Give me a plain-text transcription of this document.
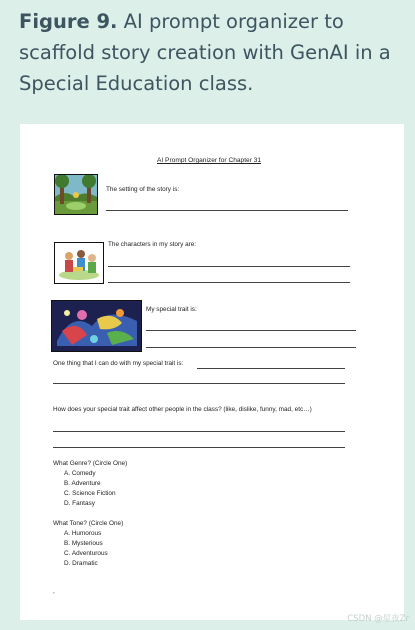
Figure 9. AI prompt organizer to scaffold story creation with GenAI in a Special Education class.
AI Prompt Organizer for Chapter 31
The setting of the story is:
The characters in my story are:
My special trait is:
One thing that I can do with my special trait is:
How does your special trait affect other people in the class? (like, dislike, funny, mad, etc…)
What Genre? (Circle One)
A. Comedy
B. Adventure
C. Science Fiction
D. Fantasy
What Tone? (Circle One)
A. Humorous
B. Mysterious
C. Adventurous
D. Dramatic
,
CSDN @星夜Zr
